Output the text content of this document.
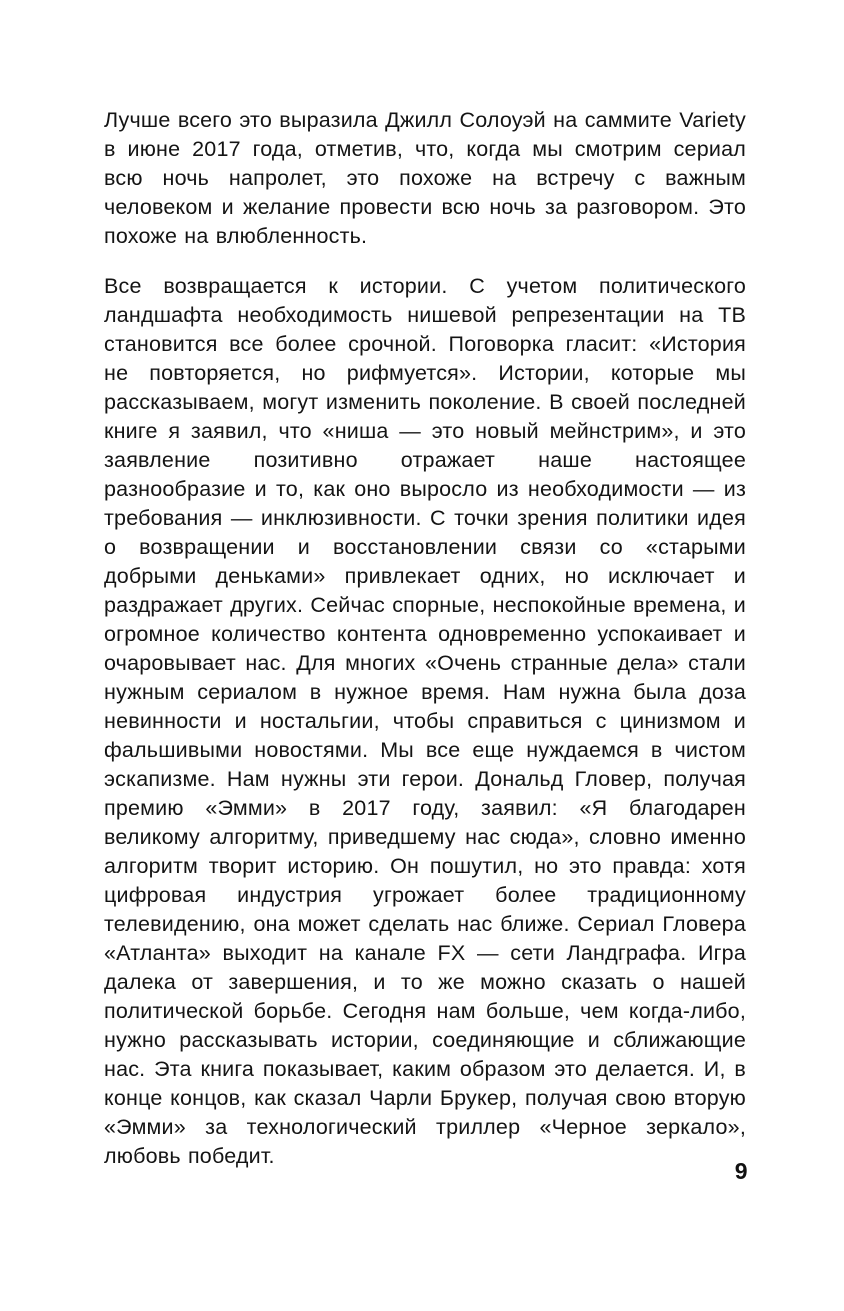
Лучше всего это выразила Джилл Солоуэй на саммите Variety в июне 2017 года, отметив, что, когда мы смотрим сериал всю ночь напролет, это похоже на встречу с важным человеком и желание провести всю ночь за разговором. Это похоже на влюбленность.

Все возвращается к истории. С учетом политического ландшафта необходимость нишевой репрезентации на ТВ становится все более срочной. Поговорка гласит: «История не повторяется, но рифмуется». Истории, которые мы рассказываем, могут изменить поколение. В своей последней книге я заявил, что «ниша — это новый мейнстрим», и это заявление позитивно отражает наше настоящее разнообразие и то, как оно выросло из необходимости — из требования — инклюзивности. С точки зрения политики идея о возвращении и восстановлении связи со «старыми добрыми деньками» привлекает одних, но исключает и раздражает других. Сейчас спорные, неспокойные времена, и огромное количество контента одновременно успокаивает и очаровывает нас. Для многих «Очень странные дела» стали нужным сериалом в нужное время. Нам нужна была доза невинности и ностальгии, чтобы справиться с цинизмом и фальшивыми новостями. Мы все еще нуждаемся в чистом эскапизме. Нам нужны эти герои. Дональд Гловер, получая премию «Эмми» в 2017 году, заявил: «Я благодарен великому алгоритму, приведшему нас сюда», словно именно алгоритм творит историю. Он пошутил, но это правда: хотя цифровая индустрия угрожает более традиционному телевидению, она может сделать нас ближе. Сериал Гловера «Атланта» выходит на канале FX — сети Ландграфа. Игра далека от завершения, и то же можно сказать о нашей политической борьбе. Сегодня нам больше, чем когда-либо, нужно рассказывать истории, соединяющие и сближающие нас. Эта книга показывает, каким образом это делается. И, в конце концов, как сказал Чарли Брукер, получая свою вторую «Эмми» за технологический триллер «Черное зеркало», любовь победит.

9
